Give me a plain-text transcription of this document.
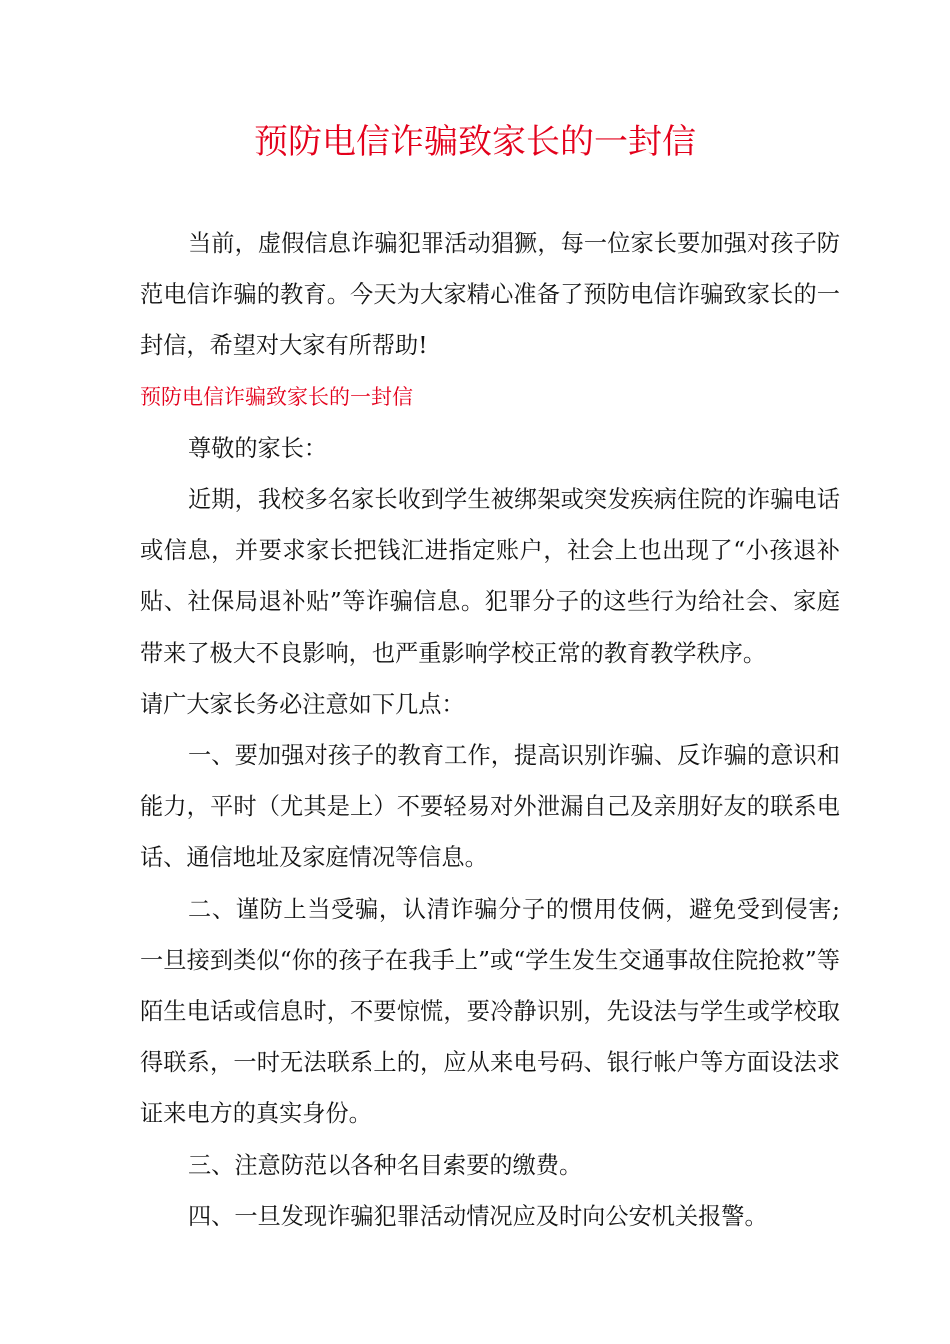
预防电信诈骗致家长的一封信

当前，虚假信息诈骗犯罪活动猖獗，每一位家长要加强对孩子防范电信诈骗的教育。今天为大家精心准备了预防电信诈骗致家长的一封信，希望对大家有所帮助!

预防电信诈骗致家长的一封信

尊敬的家长：

近期，我校多名家长收到学生被绑架或突发疾病住院的诈骗电话或信息，并要求家长把钱汇进指定账户，社会上也出现了“小孩退补贴、社保局退补贴”等诈骗信息。犯罪分子的这些行为给社会、家庭带来了极大不良影响，也严重影响学校正常的教育教学秩序。

请广大家长务必注意如下几点：

一、要加强对孩子的教育工作，提高识别诈骗、反诈骗的意识和能力，平时（尤其是上）不要轻易对外泄漏自己及亲朋好友的联系电话、通信地址及家庭情况等信息。

二、谨防上当受骗，认清诈骗分子的惯用伎俩，避免受到侵害;一旦接到类似“你的孩子在我手上”或“学生发生交通事故住院抢救”等陌生电话或信息时，不要惊慌，要冷静识别，先设法与学生或学校取得联系，一时无法联系上的，应从来电号码、银行帐户等方面设法求证来电方的真实身份。

三、注意防范以各种名目索要的缴费。

四、一旦发现诈骗犯罪活动情况应及时向公安机关报警。
